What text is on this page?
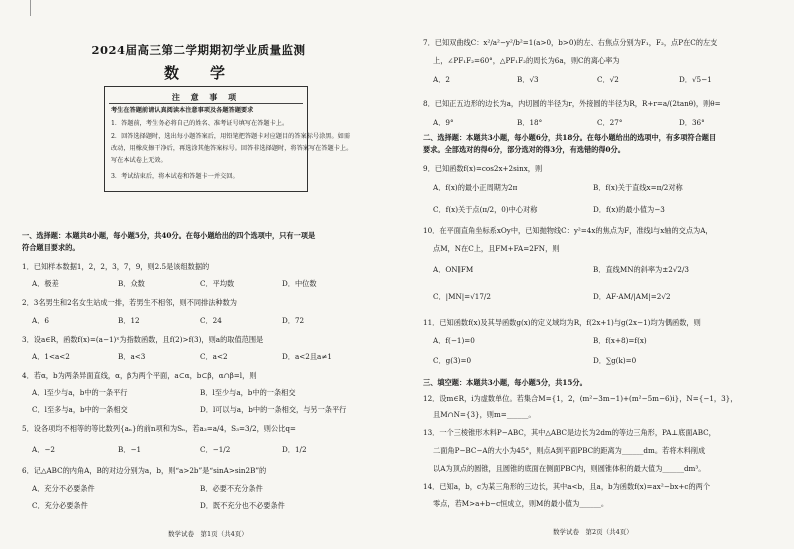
2024届高三第二学期期初学业质量监测
数　学
注 意 事 项
考生在答题前请认真阅读本注意事项及各题答题要求
1．答题前，考生务必将自己的姓名、准考证号填写在答题卡上。
2．回答选择题时，选出每小题答案后，用铅笔把答题卡对应题目的答案标号涂黑。如需
改动，用橡皮擦干净后，再选涂其他答案标号。回答非选择题时，将答案写在答题卡上。
写在本试卷上无效。
3．考试结束后，将本试卷和答题卡一并交回。
一、选择题：本题共8小题，每小题5分，共40分。在每小题给出的四个选项中，只有一项是
符合题目要求的。
1．已知样本数据1，2，2，3，7，9，则2.5是该组数据的
A．极差	B．众数	C．平均数	D．中位数
2．3名男生和2名女生站成一排，若男生不相邻，则不同排法种数为
A．6	B．12	C．24	D．72
3．设a∈R，函数f(x)=(a−1)ˣ为指数函数，且f(2)>f(3)，则a的取值范围是
A．1<a<2	B．a<3	C．a<2	D．a<2且a≠1
4．若α，b为两条异面直线，α，β为两个平面，a⊂α，b⊂β，α∩β=l，则
A．l至少与a，b中的一条平行	B．l至少与a，b中的一条相交
C．l至多与a，b中的一条相交	D．l可以与a，b中的一条相交，与另一条平行
5．设各项均不相等的等比数列{aₙ}的前n项和为Sₙ，若a₃=a/4，S₃=3/2，则公比q=
A．−2	B．−1	C．−1/2	D．1/2
6．记△ABC的内角A，B的对边分别为a，b，则“a>2b”是“sinA>sin2B”的
A．充分不必要条件	B．必要不充分条件
C．充分必要条件	D．既不充分也不必要条件
数学试卷　第1页（共4页）
7．已知双曲线C：x²/a²−y²/b²=1(a>0，b>0)的左、右焦点分别为F₁，F₂，点P在C的左支
上，∠PF₁F₂=60°，△PF₁F₂的周长为6a，则C的离心率为
A．2	B．√3	C．√2	D．√5−1
8．已知正五边形的边长为a，内切圆的半径为r，外接圆的半径为R，R+r=a/(2tanθ)，则θ=
A．9°	B．18°	C．27°	D．36°
二、选择题：本题共3小题，每小题6分，共18分。在每小题给出的选项中，有多项符合题目
要求。全部选对的得6分，部分选对的得3分，有选错的得0分。
9．已知函数f(x)=cos2x+2sinx，则
A．f(x)的最小正周期为2π	B．f(x)关于直线x=π/2对称
C．f(x)关于点(π/2，0)中心对称	D．f(x)的最小值为−3
10．在平面直角坐标系xOy中，已知抛物线C：y²=4x的焦点为F，准线l与x轴的交点为A，
点M，N在C上，且FM+FA=2FN，则
A．ON∥FM	B．直线MN的斜率为±2√2/3
C．|MN|=√17/2	D．AF·AM/|AM|=2√2
11．已知函数f(x)及其导函数g(x)的定义域均为R，f(2x+1)与g(2x−1)均为偶函数，则
A．f(−1)=0	B．f(x+8)=f(x)
C．g(3)=0	D．∑g(k)=0
三、填空题：本题共3小题，每小题5分，共15分。
12．设m∈R，i为虚数单位。若集合M={1，2，(m²−3m−1)+(m²−5m−6)i}，N={−1，3}，
且M∩N={3}，则m=______。
13．一个三棱锥形木料P−ABC，其中△ABC是边长为2dm的等边三角形，PA⊥底面ABC，
二面角P−BC−A的大小为45°，则点A到平面PBC的距离为______dm。若将木料削成
以A为顶点的圆锥，且圆锥的底面在侧面PBC内，则圆锥体积的最大值为______dm³。
14．已知a，b，c为某三角形的三边长，其中a<b，且a，b为函数f(x)=ax²−bx+c的两个
零点，若M>a+b−c恒成立，则M的最小值为______。
数学试卷　第2页（共4页）
